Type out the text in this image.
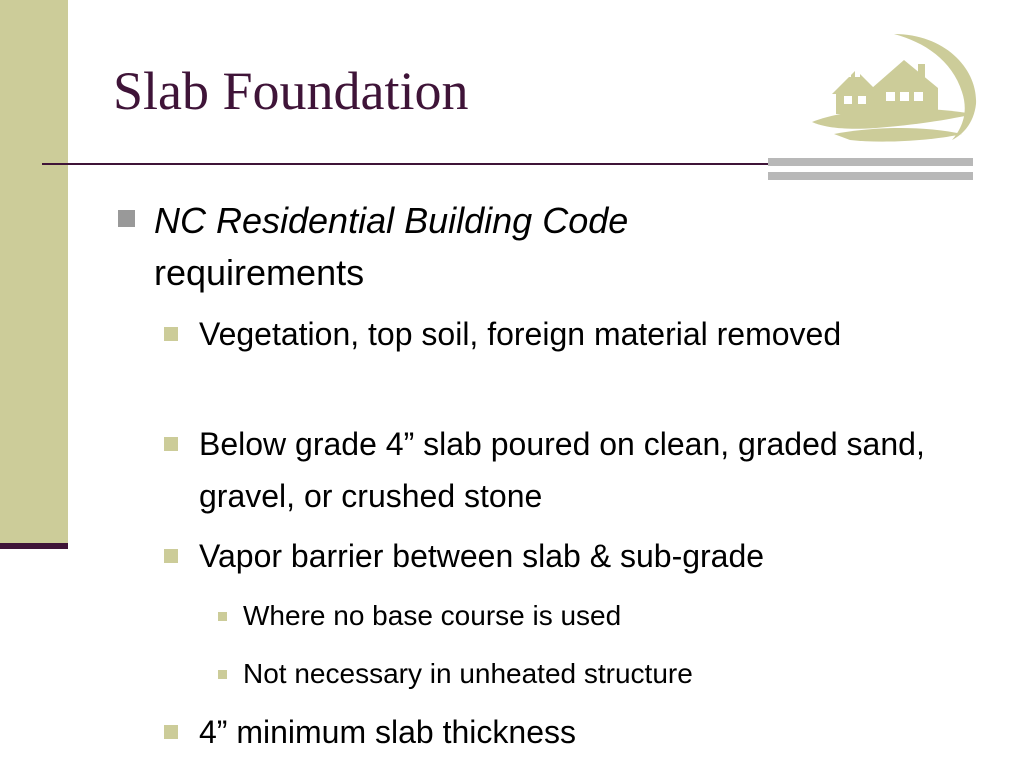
Slab Foundation
NC Residential Building Code
requirements
Vegetation, top soil, foreign material removed
Below grade 4” slab poured on clean, graded sand, gravel, or crushed stone
Vapor barrier between slab & sub-grade
Where no base course is used
Not necessary in unheated structure
4” minimum slab thickness
